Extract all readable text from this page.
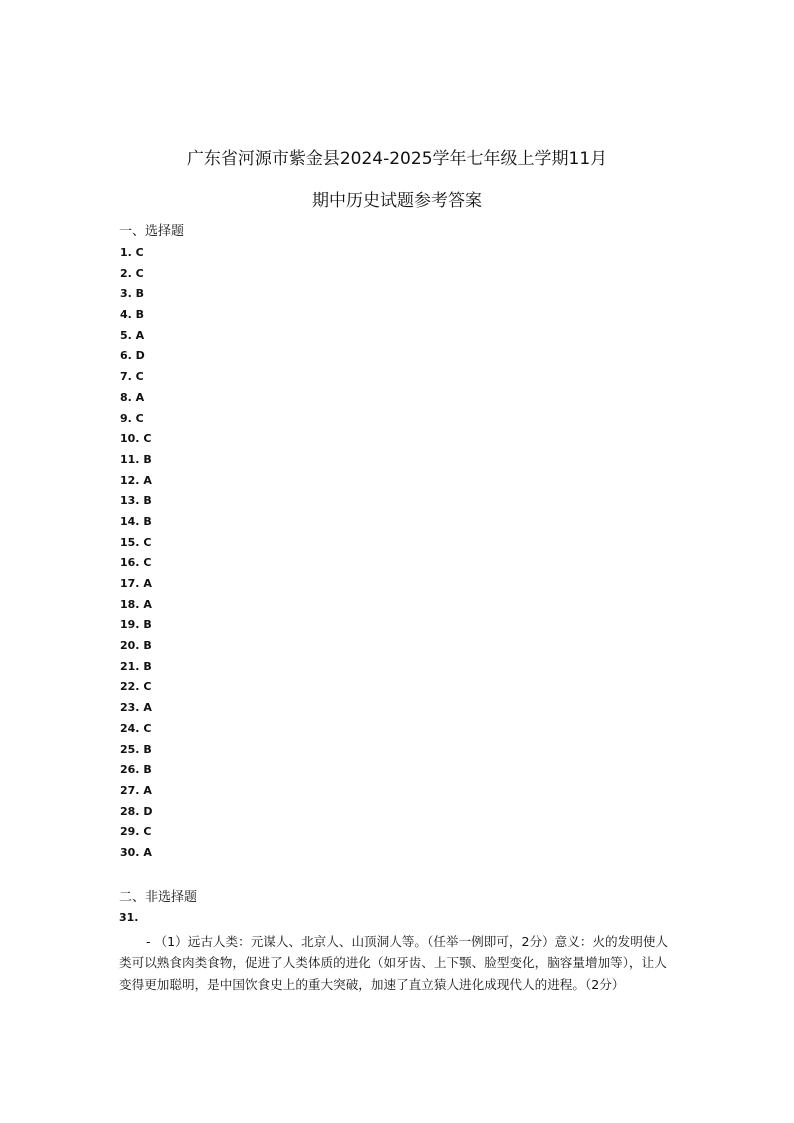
广东省河源市紫金县2024-2025学年七年级上学期11月
期中历史试题参考答案
一、选择题
1. C
2. C
3. B
4. B
5. A
6. D
7. C
8. A
9. C
10. C
11. B
12. A
13. B
14. B
15. C
16. C
17. A
18. A
19. B
20. B
21. B
22. C
23. A
24. C
25. B
26. B
27. A
28. D
29. C
30. A
二、非选择题
31.

- （1）远古人类：元谋人、北京人、山顶洞人等。（任举一例即可，2分）意义：火的发明使人类可以熟食肉类食物，促进了人类体质的进化（如牙齿、上下颚、脸型变化，脑容量增加等），让人变得更加聪明，是中国饮食史上的重大突破，加速了直立猿人进化成现代人的进程。（2分）
